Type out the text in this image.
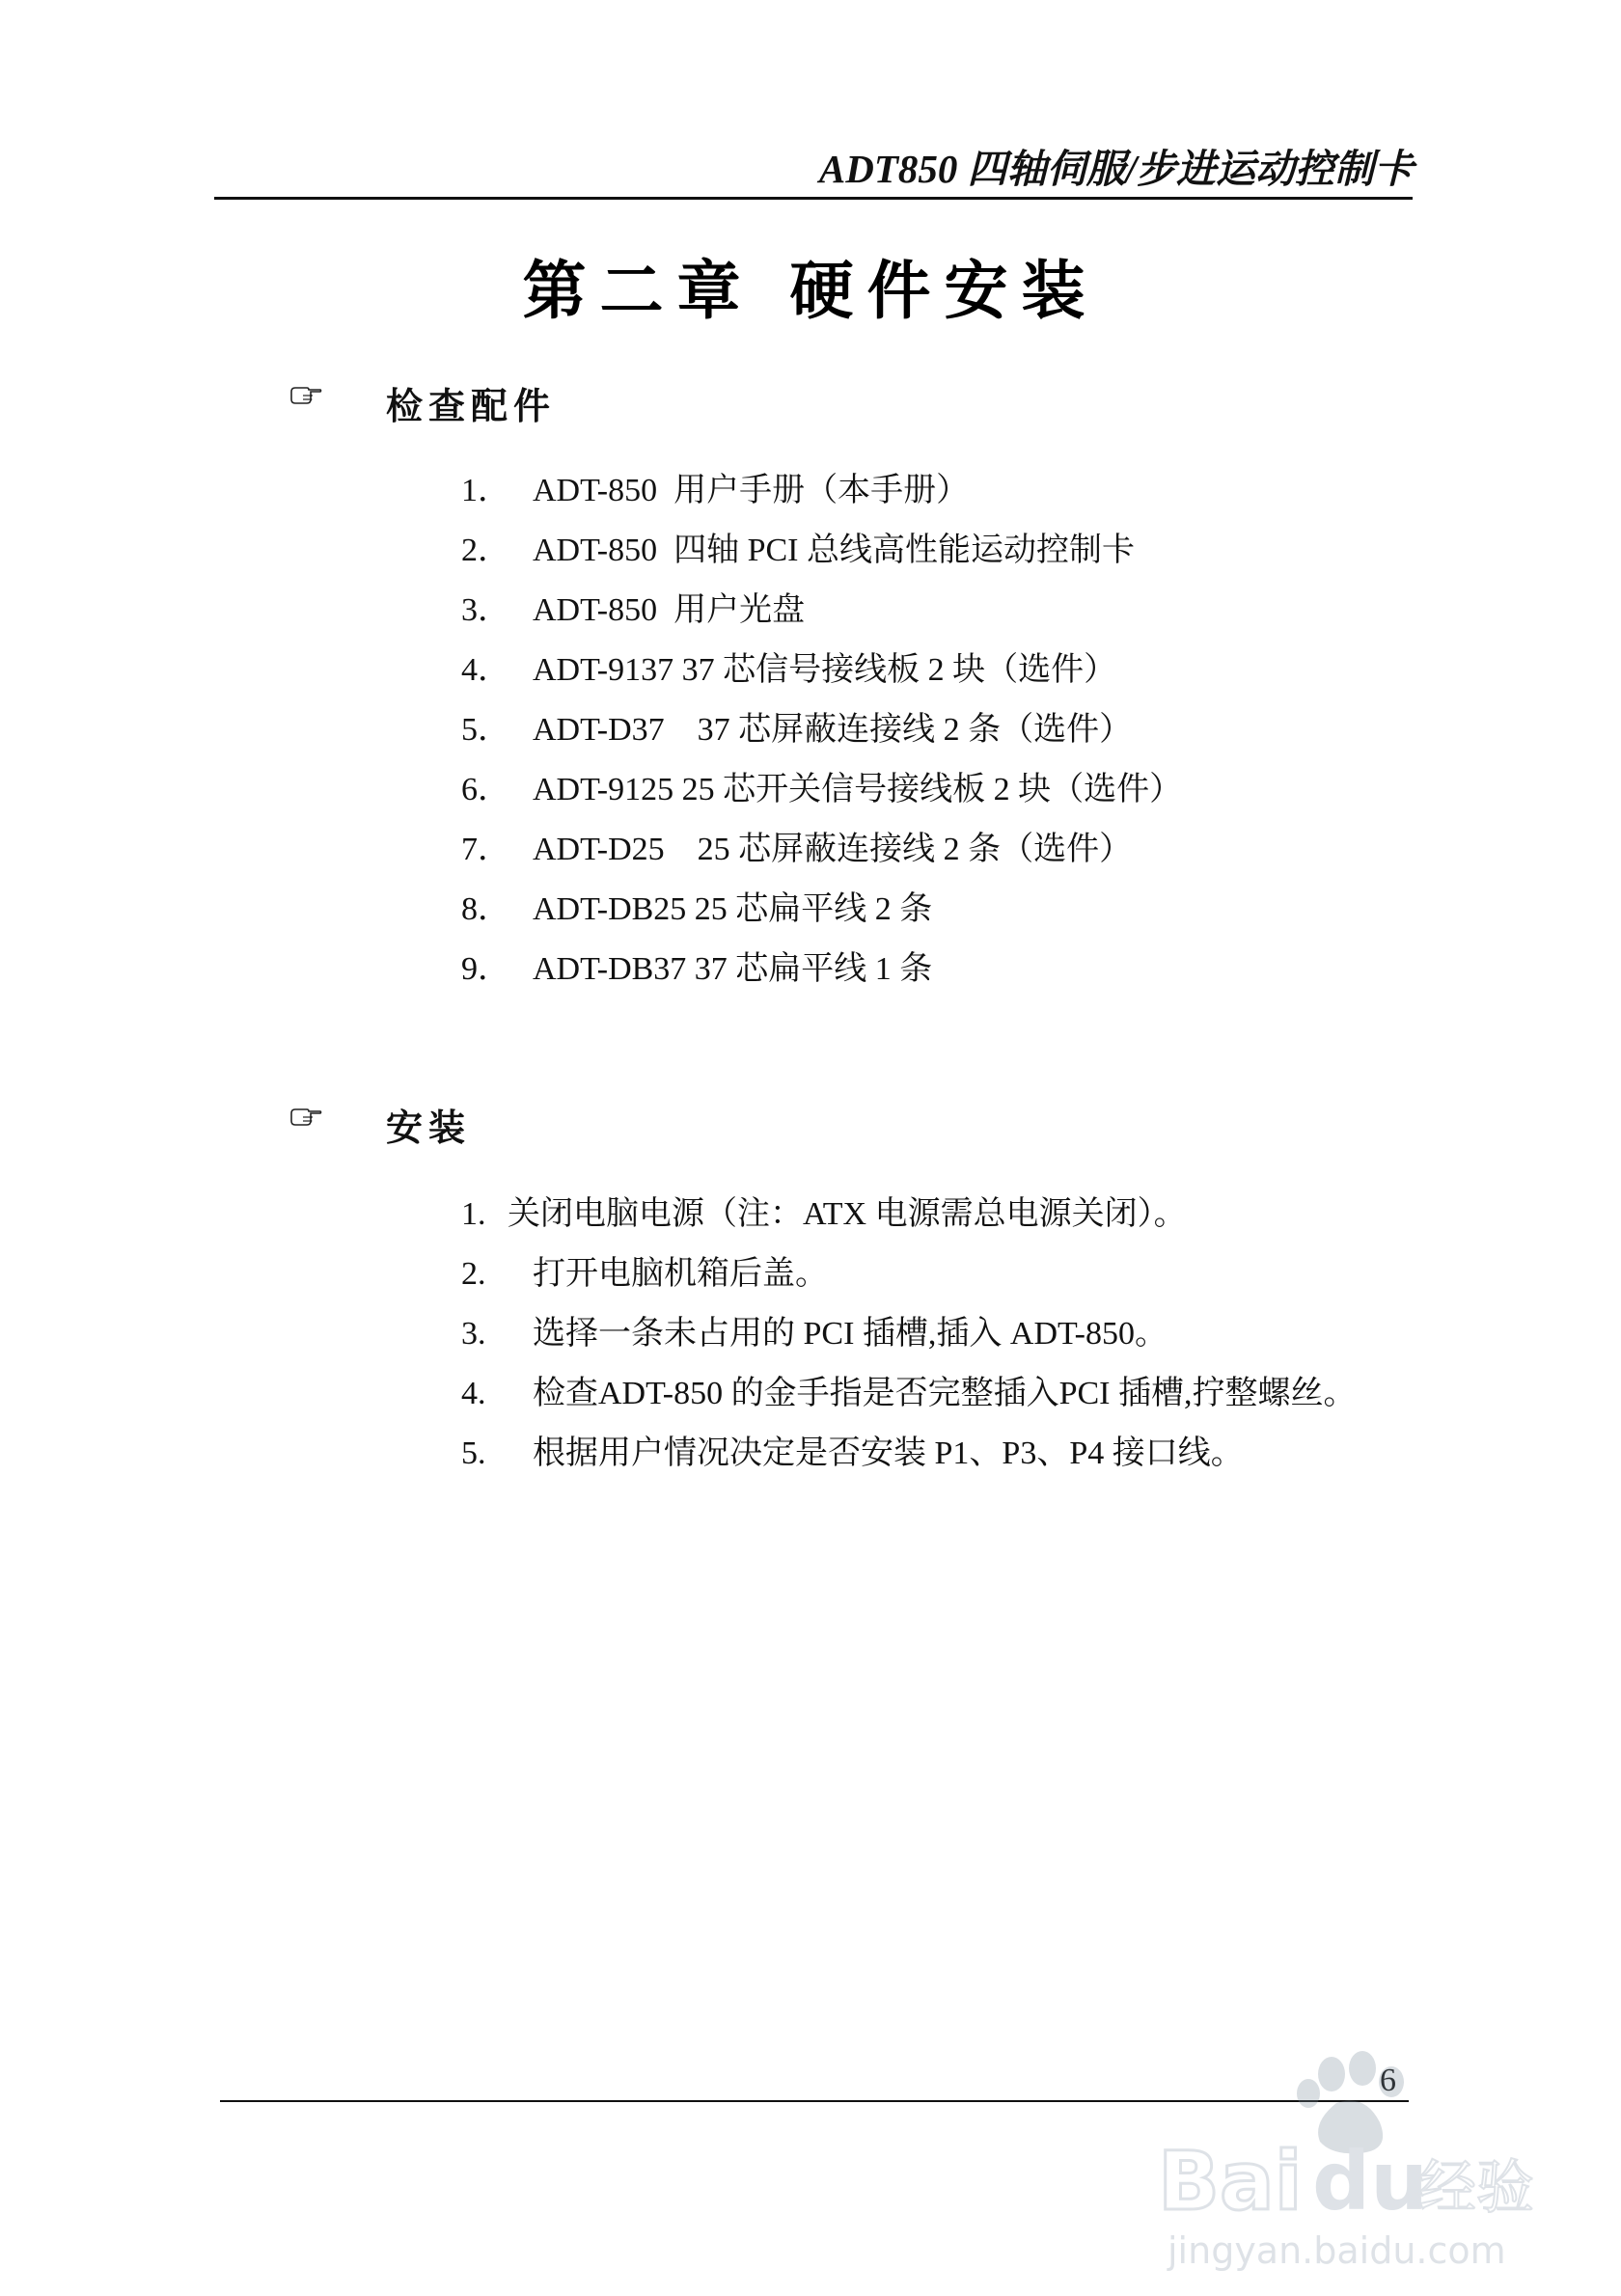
ADT850 四轴伺服/步进运动控制卡
第二章 硬件安装
检查配件
1． ADT-850  用户手册（本手册）
2． ADT-850  四轴 PCI 总线高性能运动控制卡
3． ADT-850  用户光盘
4． ADT-9137 37 芯信号接线板 2 块（选件）
5． ADT-D37    37 芯屏蔽连接线 2 条（选件）
6． ADT-9125 25 芯开关信号接线板 2 块（选件）
7． ADT-D25    25 芯屏蔽连接线 2 条（选件）
8． ADT-DB25 25 芯扁平线 2 条
9． ADT-DB37 37 芯扁平线 1 条
安装
1. 关闭电脑电源（注：ATX 电源需总电源关闭）。
2.	打开电脑机箱后盖。
3.	选择一条未占用的 PCI 插槽,插入 ADT-850。
4.	检查ADT-850 的金手指是否完整插入PCI 插槽,拧整螺丝。
5.	根据用户情况决定是否安装 P1、P3、P4 接口线。
6
Bai du
经验
jingyan.baidu.com
